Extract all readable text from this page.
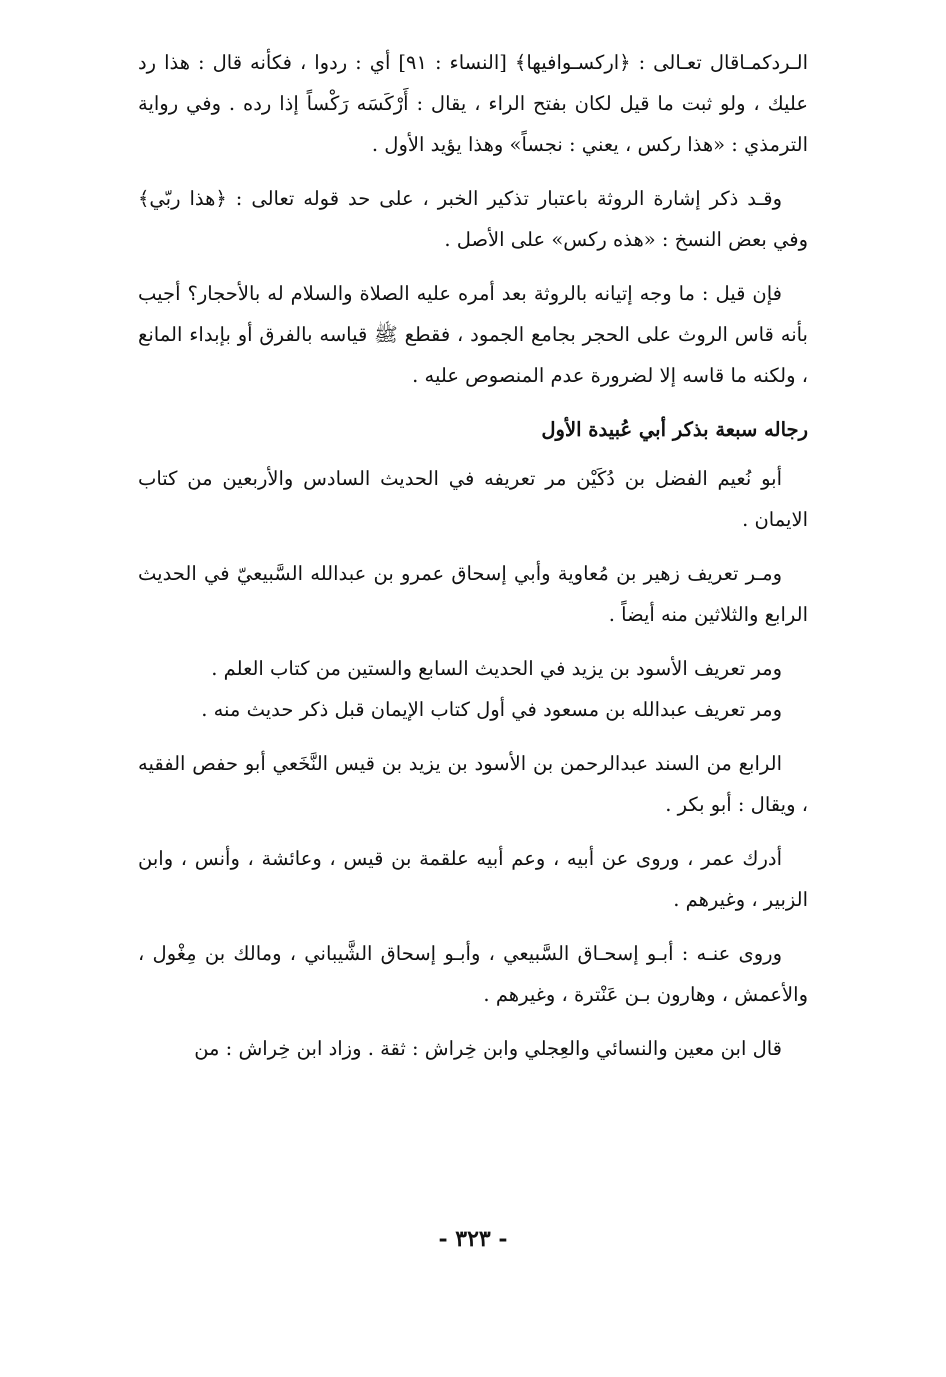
الـردكمـاقال تعـالى : ﴿اركسـوافيها﴾ [النساء : ٩١] أي : ردوا ، فكأنه قال : هذا رد عليك ، ولو ثبت ما قيل لكان بفتح الراء ، يقال : أَرْكَسَه رَكْساً إذا رده . وفي رواية الترمذي : «هذا ركس ، يعني : نجساً» وهذا يؤيد الأول .

وقـد ذكر إشارة الروثة باعتبار تذكير الخبر ، على حد قوله تعالى : ﴿هذا ربّي﴾ وفي بعض النسخ : «هذه ركس» على الأصل .

فإن قيل : ما وجه إتيانه بالروثة بعد أمره عليه الصلاة والسلام له بالأحجار؟ أجيب بأنه قاس الروث على الحجر بجامع الجمود ، فقطع ﷺ قياسه بالفرق أو بإبداء المانع ، ولكنه ما قاسه إلا لضرورة عدم المنصوص عليه .

رجاله سبعة بذكر أبي عُبيدة الأول

أبو نُعيم الفضل بن دُكَيْن مر تعريفه في الحديث السادس والأربعين من كتاب الايمان .

ومـر تعريف زهير بن مُعاوية وأبي إسحاق عمرو بن عبدالله السَّبيعيّ في الحديث الرابع والثلاثين منه أيضاً .

ومر تعريف الأسود بن يزيد في الحديث السابع والستين من كتاب العلم .

ومر تعريف عبدالله بن مسعود في أول كتاب الإيمان قبل ذكر حديث منه .

الرابع من السند عبدالرحمن بن الأسود بن يزيد بن قيس النَّخَعي أبو حفص الفقيه ، ويقال : أبو بكر .

أدرك عمر ، وروى عن أبيه ، وعم أبيه علقمة بن قيس ، وعائشة ، وأنس ، وابن الزبير ، وغيرهم .

وروى عنـه : أبـو إسحـاق السَّبيعي ، وأبـو إسحاق الشَّيباني ، ومالك بن مِغْول ، والأعمش ، وهارون بـن عَنْترة ، وغيرهم .

قال ابن معين والنسائي والعِجلي وابن خِراش : ثقة . وزاد ابن خِراش : من

- ٣٢٣ -
